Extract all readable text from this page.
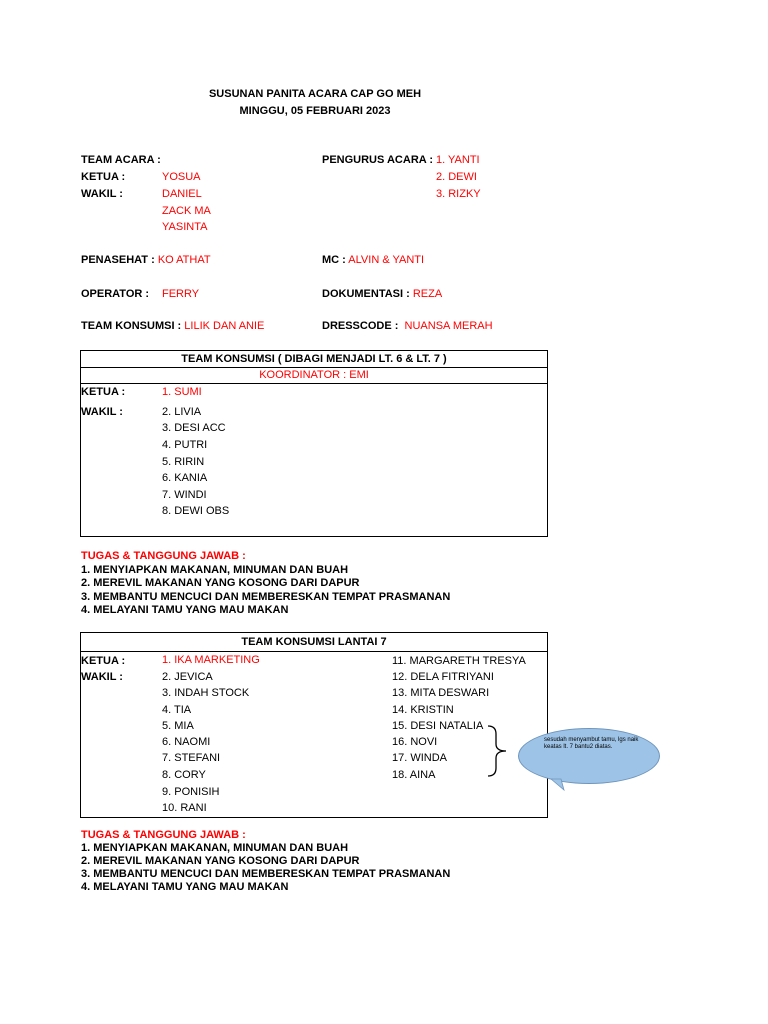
SUSUNAN PANITA ACARA CAP GO MEH
MINGGU, 05 FEBRUARI 2023
TEAM ACARA :
KETUA :	YOSUA
WAKIL :	DANIEL
ZACK MA
YASINTA
PENGURUS ACARA : 1. YANTI
2. DEWI
3. RIZKY
PENASEHAT : KO ATHAT	MC : ALVIN & YANTI
OPERATOR : FERRY	DOKUMENTASI : REZA
TEAM KONSUMSI : LILIK DAN ANIE	DRESSCODE : NUANSA MERAH
TEAM KONSUMSI ( DIBAGI MENJADI LT. 6 & LT. 7 )
KOORDINATOR : EMI
KETUA :	1. SUMI
WAKIL :	2. LIVIA
3. DESI ACC
4. PUTRI
5. RIRIN
6. KANIA
7. WINDI
8. DEWI OBS
TUGAS & TANGGUNG JAWAB :
1. MENYIAPKAN MAKANAN, MINUMAN DAN BUAH
2. MEREVIL MAKANAN YANG KOSONG DARI DAPUR
3. MEMBANTU MENCUCI DAN MEMBERESKAN TEMPAT PRASMANAN
4. MELAYANI TAMU YANG MAU MAKAN
TEAM KONSUMSI LANTAI 7
KETUA :	1. IKA MARKETING
WAKIL :	2. JEVICA
3. INDAH STOCK
4. TIA
5. MIA
6. NAOMI
7. STEFANI
8. CORY
9. PONISIH
10. RANI
11. MARGARETH TRESYA
12. DELA FITRIYANI
13. MITA DESWARI
14. KRISTIN
15. DESI NATALIA
16. NOVI
17. WINDA
18. AINA
sesudah menyambut tamu, lgs naik keatas lt. 7 bantu2 diatas.
TUGAS & TANGGUNG JAWAB :
1. MENYIAPKAN MAKANAN, MINUMAN DAN BUAH
2. MEREVIL MAKANAN YANG KOSONG DARI DAPUR
3. MEMBANTU MENCUCI DAN MEMBERESKAN TEMPAT PRASMANAN
4. MELAYANI TAMU YANG MAU MAKAN
